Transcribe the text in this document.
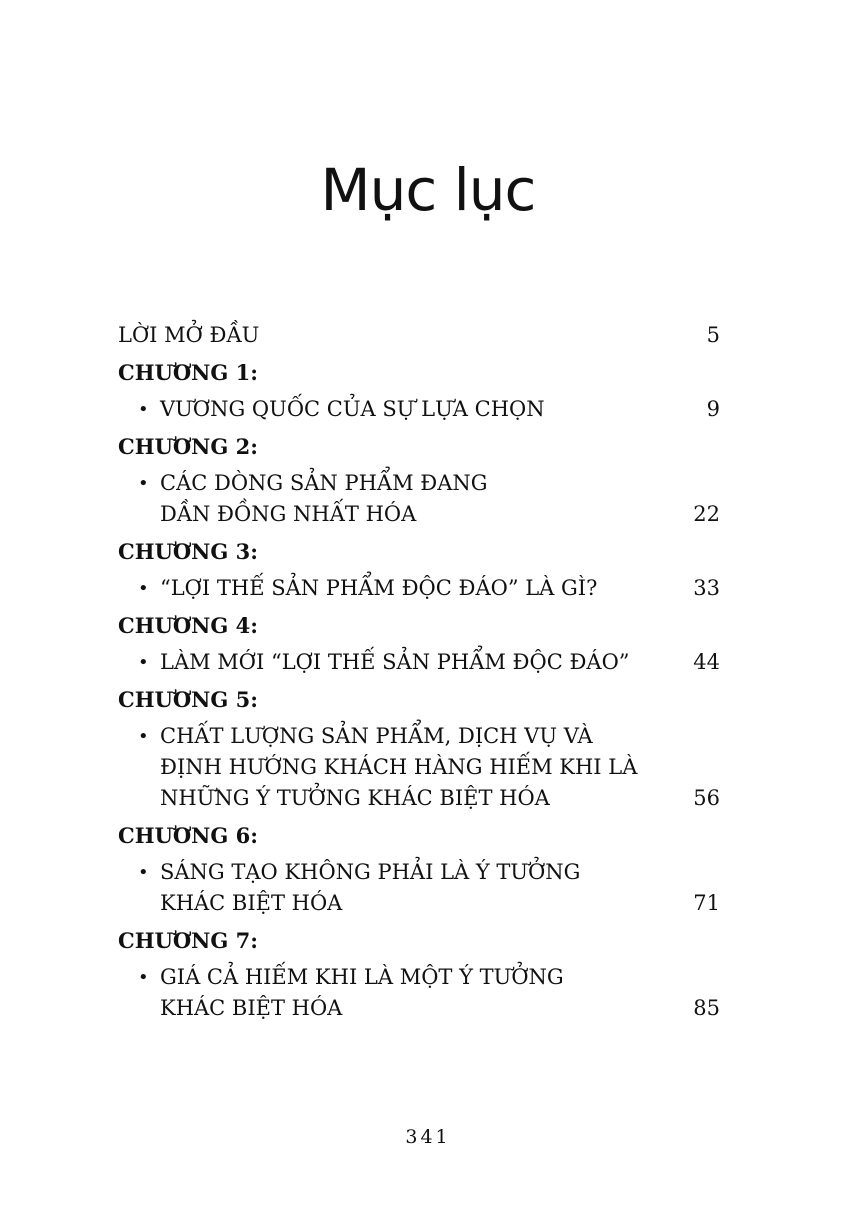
Mục lục
LỜI MỞ ĐẦU	5
CHƯƠNG 1:
• VƯƠNG QUỐC CỦA SỰ LỰA CHỌN	9
CHƯƠNG 2:
• CÁC DÒNG SẢN PHẨM ĐANG
DẦN ĐỒNG NHẤT HÓA	22
CHƯƠNG 3:
• “LỢI THẾ SẢN PHẨM ĐỘC ĐÁO” LÀ GÌ?	33
CHƯƠNG 4:
• LÀM MỚI “LỢI THẾ SẢN PHẨM ĐỘC ĐÁO”	44
CHƯƠNG 5:
• CHẤT LƯỢNG SẢN PHẨM, DỊCH VỤ VÀ
ĐỊNH HƯỚNG KHÁCH HÀNG HIẾM KHI LÀ
NHỮNG Ý TƯỞNG KHÁC BIỆT HÓA	56
CHƯƠNG 6:
• SÁNG TẠO KHÔNG PHẢI LÀ Ý TƯỞNG
KHÁC BIỆT HÓA	71
CHƯƠNG 7:
• GIÁ CẢ HIẾM KHI LÀ MỘT Ý TƯỞNG
KHÁC BIỆT HÓA	85
341
